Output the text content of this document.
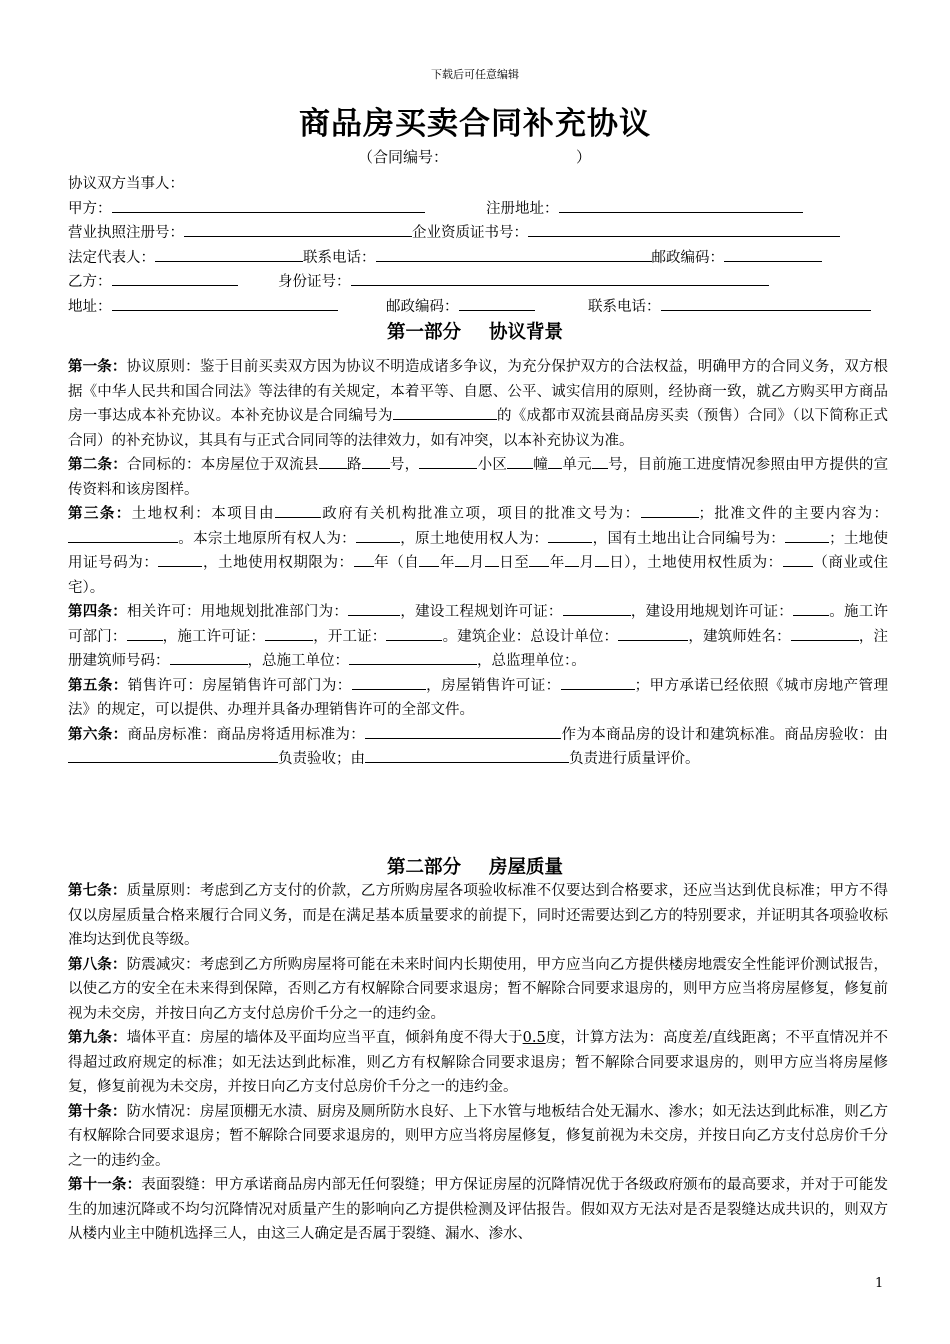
下载后可任意编辑
商品房买卖合同补充协议
（合同编号：	）
协议双方当事人：
甲方：	注册地址：
营业执照注册号：	企业资质证书号：
法定代表人：	联系电话：	邮政编码：
乙方：	身份证号：
地址：	邮政编码：	联系电话：
第一部分 协议背景

第一条：协议原则：鉴于目前买卖双方因为协议不明造成诸多争议，为充分保护双方的合法权益，明确甲方的合同义务，双方根据《中华人民共和国合同法》等法律的有关规定，本着平等、自愿、公平、诚实信用的原则，经协商一致，就乙方购买甲方商品房一事达成本补充协议。本补充协议是合同编号为	的《成都市双流县商品房买卖（预售）合同》（以下简称正式合同）的补充协议，其具有与正式合同同等的法律效力，如有冲突，以本补充协议为准。

第二条：合同标的：本房屋位于双流县 路 号，	小区 幢 单元 号，目前施工进度情况参照由甲方提供的宣传资料和该房图样。

第三条：土地权利：本项目由	政府有关机构批准立项，项目的批准文号为：	；批准文件的主要内容为：。本宗土地原所有权人为：	，原土地使用权人为：	，国有土地出让合同编号为：	；土地使用证号码为：	，土地使用权期限为： 年（自 年 月 日至 年 月 日），土地使用权性质为： （商业或住宅）。

第四条：相关许可：用地规划批准部门为：	，建设工程规划许可证：	，建设用地规划许可证： 。施工许可部门： ，施工许可证：	，开工证：	。建筑企业：总设计单位：	，建筑师姓名：	，注册建筑师号码：	，总施工单位：	，总监理单位：。

第五条：销售许可：房屋销售许可部门为：	，房屋销售许可证：	；甲方承诺已经依照《城市房地产管理法》的规定，可以提供、办理并具备办理销售许可的全部文件。

第六条：商品房标准：商品房将适用标准为：	作为本商品房的设计和建筑标准。商品房验收：由负责验收；由	负责进行质量评价。

第二部分 房屋质量

第七条：质量原则：考虑到乙方支付的价款，乙方所购房屋各项验收标准不仅要达到合格要求，还应当达到优良标准；甲方不得仅以房屋质量合格来履行合同义务，而是在满足基本质量要求的前提下，同时还需要达到乙方的特别要求，并证明其各项验收标准均达到优良等级。

第八条：防震减灾：考虑到乙方所购房屋将可能在未来时间内长期使用，甲方应当向乙方提供楼房地震安全性能评价测试报告，以使乙方的安全在未来得到保障，否则乙方有权解除合同要求退房；暂不解除合同要求退房的，则甲方应当将房屋修复，修复前视为未交房，并按日向乙方支付总房价千分之一的违约金。

第九条：墙体平直：房屋的墙体及平面均应当平直，倾斜角度不得大于0.5度，计算方法为：高度差/直线距离；不平直情况并不得超过政府规定的标准；如无法达到此标准，则乙方有权解除合同要求退房；暂不解除合同要求退房的，则甲方应当将房屋修复，修复前视为未交房，并按日向乙方支付总房价千分之一的违约金。

第十条：防水情况：房屋顶棚无水渍、厨房及厕所防水良好、上下水管与地板结合处无漏水、渗水；如无法达到此标准，则乙方有权解除合同要求退房；暂不解除合同要求退房的，则甲方应当将房屋修复，修复前视为未交房，并按日向乙方支付总房价千分之一的违约金。

第十一条：表面裂缝：甲方承诺商品房内部无任何裂缝；甲方保证房屋的沉降情况优于各级政府颁布的最高要求，并对于可能发生的加速沉降或不均匀沉降情况对质量产生的影响向乙方提供检测及评估报告。假如双方无法对是否是裂缝达成共识的，则双方从楼内业主中随机选择三人，由这三人确定是否属于裂缝、漏水、渗水、

1
